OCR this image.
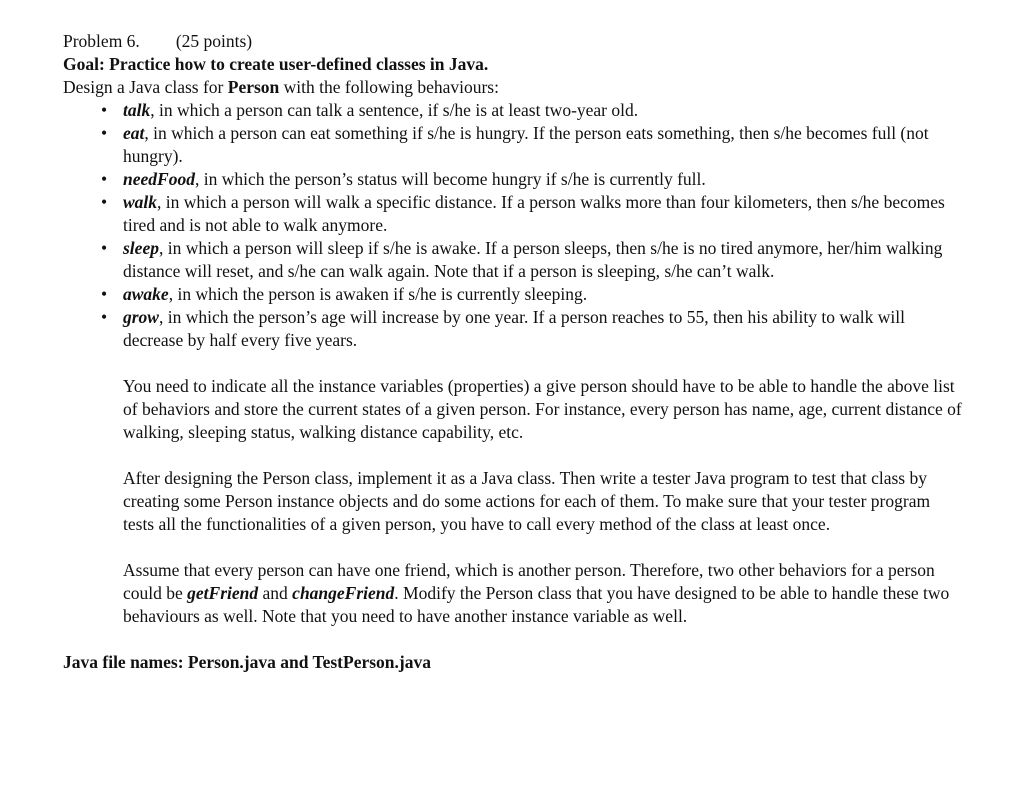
Problem 6. (25 points)
Goal: Practice how to create user-defined classes in Java.
Design a Java class for Person with the following behaviours:
• talk, in which a person can talk a sentence, if s/he is at least two-year old.
• eat, in which a person can eat something if s/he is hungry. If the person eats something, then s/he becomes full (not hungry).
• needFood, in which the person’s status will become hungry if s/he is currently full.
• walk, in which a person will walk a specific distance. If a person walks more than four kilometers, then s/he becomes tired and is not able to walk anymore.
• sleep, in which a person will sleep if s/he is awake. If a person sleeps, then s/he is no tired anymore, her/him walking distance will reset, and s/he can walk again. Note that if a person is sleeping, s/he can’t walk.
• awake, in which the person is awaken if s/he is currently sleeping.
• grow, in which the person’s age will increase by one year. If a person reaches to 55, then his ability to walk will decrease by half every five years.
You need to indicate all the instance variables (properties) a give person should have to be able to handle the above list of behaviors and store the current states of a given person. For instance, every person has name, age, current distance of walking, sleeping status, walking distance capability, etc.
After designing the Person class, implement it as a Java class. Then write a tester Java program to test that class by creating some Person instance objects and do some actions for each of them. To make sure that your tester program tests all the functionalities of a given person, you have to call every method of the class at least once.
Assume that every person can have one friend, which is another person. Therefore, two other behaviors for a person could be getFriend and changeFriend. Modify the Person class that you have designed to be able to handle these two behaviours as well. Note that you need to have another instance variable as well.
Java file names: Person.java and TestPerson.java
